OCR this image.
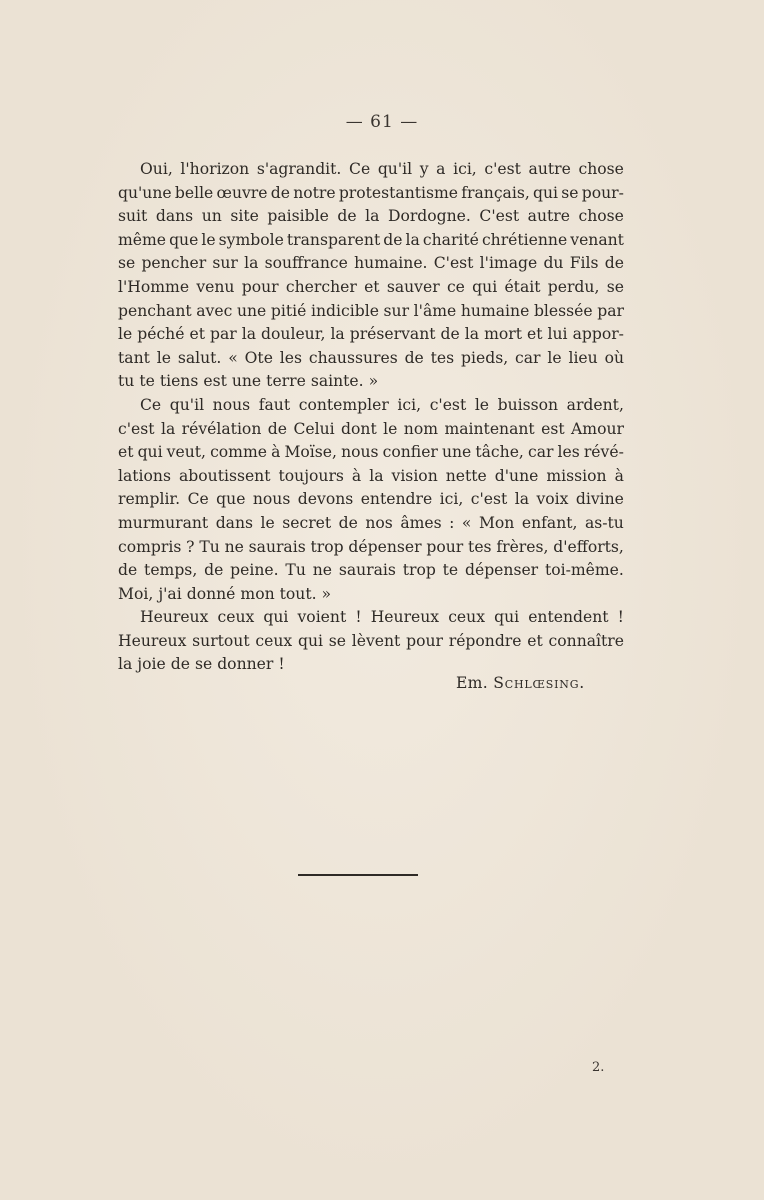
— 61 —
Oui, l'horizon s'agrandit. Ce qu'il y a ici, c'est autre chose
qu'une belle œuvre de notre protestantisme français, qui se pour-
suit dans un site paisible de la Dordogne. C'est autre chose
même que le symbole transparent de la charité chrétienne venant
se pencher sur la souffrance humaine. C'est l'image du Fils de
l'Homme venu pour chercher et sauver ce qui était perdu, se
penchant avec une pitié indicible sur l'âme humaine blessée par
le péché et par la douleur, la préservant de la mort et lui appor-
tant le salut. « Ote les chaussures de tes pieds, car le lieu où
tu te tiens est une terre sainte. »
Ce qu'il nous faut contempler ici, c'est le buisson ardent,
c'est la révélation de Celui dont le nom maintenant est Amour
et qui veut, comme à Moïse, nous confier une tâche, car les révé-
lations aboutissent toujours à la vision nette d'une mission à
remplir. Ce que nous devons entendre ici, c'est la voix divine
murmurant dans le secret de nos âmes : « Mon enfant, as-tu
compris ? Tu ne saurais trop dépenser pour tes frères, d'efforts,
de temps, de peine. Tu ne saurais trop te dépenser toi-même.
Moi, j'ai donné mon tout. »
Heureux ceux qui voient ! Heureux ceux qui entendent !
Heureux surtout ceux qui se lèvent pour répondre et connaître
la joie de se donner !
Em. Schlœsing.
2.
